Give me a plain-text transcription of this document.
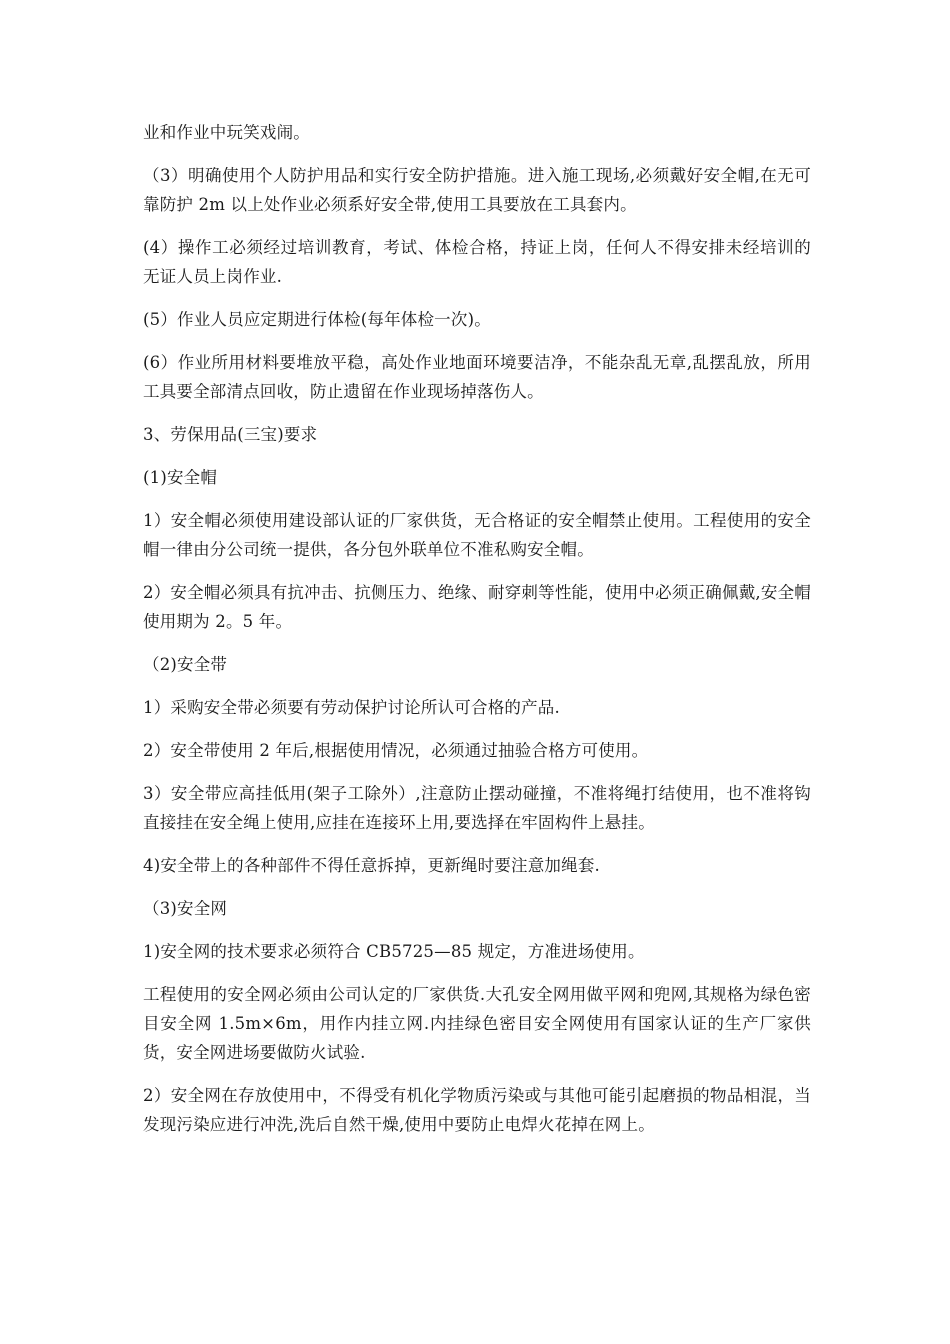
业和作业中玩笑戏闹。

（3）明确使用个人防护用品和实行安全防护措施。进入施工现场,必须戴好安全帽,在无可靠防护 2m 以上处作业必须系好安全带,使用工具要放在工具套内。

(4）操作工必须经过培训教育，考试、体检合格，持证上岗，任何人不得安排未经培训的无证人员上岗作业.

(5）作业人员应定期进行体检(每年体检一次)。

(6）作业所用材料要堆放平稳，高处作业地面环境要洁净，不能杂乱无章,乱摆乱放，所用工具要全部清点回收，防止遗留在作业现场掉落伤人。

3、劳保用品(三宝)要求

(1)安全帽

1）安全帽必须使用建设部认证的厂家供货，无合格证的安全帽禁止使用。工程使用的安全帽一律由分公司统一提供，各分包外联单位不准私购安全帽。

2）安全帽必须具有抗冲击、抗侧压力、绝缘、耐穿刺等性能，使用中必须正确佩戴,安全帽使用期为 2。5 年。

（2)安全带

1）采购安全带必须要有劳动保护讨论所认可合格的产品.

2）安全带使用 2 年后,根据使用情况，必须通过抽验合格方可使用。

3）安全带应高挂低用(架子工除外）,注意防止摆动碰撞，不准将绳打结使用，也不准将钩直接挂在安全绳上使用,应挂在连接环上用,要选择在牢固构件上悬挂。

4)安全带上的各种部件不得任意拆掉，更新绳时要注意加绳套.

（3)安全网

1)安全网的技术要求必须符合 CB5725—85 规定，方准进场使用。

工程使用的安全网必须由公司认定的厂家供货.大孔安全网用做平网和兜网,其规格为绿色密目安全网 1.5m×6m，用作内挂立网.内挂绿色密目安全网使用有国家认证的生产厂家供货，安全网进场要做防火试验.

2）安全网在存放使用中，不得受有机化学物质污染或与其他可能引起磨损的物品相混，当发现污染应进行冲洗,洗后自然干燥,使用中要防止电焊火花掉在网上。
